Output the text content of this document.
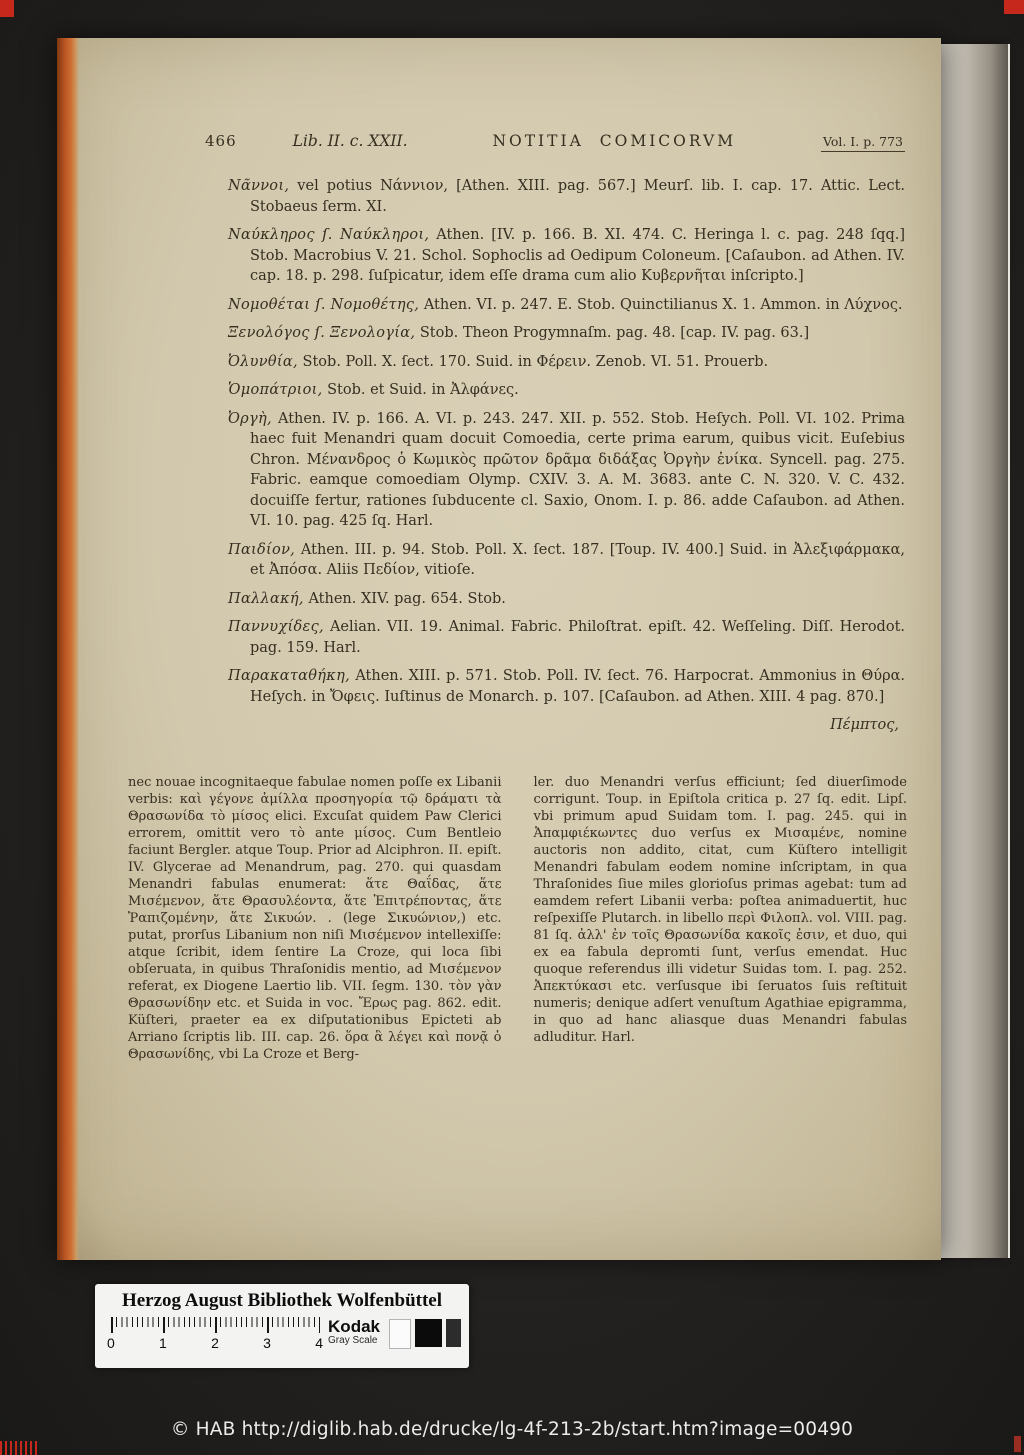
466	Lib. II. c. XXII.	NOTITIA COMICORVM	Vol. I. p. 773

Νᾶννοι, vel potius Νάννιον, [Athen. XIII. pag. 567.] Meurſ. lib. I. cap. 17. Attic. Lect. Stobaeus ſerm. XI.

Ναύκληρος ſ. Ναύκληροι, Athen. [IV. p. 166. B. XI. 474. C. Heringa l. c. pag. 248 ſqq.] Stob. Macrobius V. 21. Schol. Sophoclis ad Oedipum Coloneum. [Caſaubon. ad Athen. IV. cap. 18. p. 298. ſuſpicatur, idem eſſe drama cum alio Κυβερνῆται inſcripto.]

Νομοθέται ſ. Νομοθέτης, Athen. VI. p. 247. E. Stob. Quinctilianus X. 1. Ammon. in Λύχνος.

Ξενολόγος ſ. Ξενολογία, Stob. Theon Progymnaſm. pag. 48. [cap. IV. pag. 63.]

Ὀλυνθία, Stob. Poll. X. ſect. 170. Suid. in Φέρειν. Zenob. VI. 51. Prouerb.

Ὁμοπάτριοι, Stob. et Suid. in Ἀλφάνες.

Ὀργὴ, Athen. IV. p. 166. A. VI. p. 243. 247. XII. p. 552. Stob. Heſych. Poll. VI. 102. Prima haec fuit Menandri quam docuit Comoedia, certe prima earum, quibus vicit. Euſebius Chron. Μένανδρος ὁ Κωμικὸς πρῶτον δρᾶμα διδάξας Ὀργὴν ἐνίκα. Syncell. pag. 275. Fabric. eamque comoediam Olymp. CXIV. 3. A. M. 3683. ante C. N. 320. V. C. 432. docuiſſe fertur, rationes ſubducente cl. Saxio, Onom. I. p. 86. adde Caſaubon. ad Athen. VI. 10. pag. 425 ſq. Harl.

Παιδίον, Athen. III. p. 94. Stob. Poll. X. ſect. 187. [Toup. IV. 400.] Suid. in Ἀλεξιφάρμακα, et Ἀπόσα. Aliis Πεδίον, vitioſe.

Παλλακή, Athen. XIV. pag. 654. Stob.

Παννυχίδες, Aelian. VII. 19. Animal. Fabric. Philoſtrat. epiſt. 42. Weſſeling. Diſſ. Herodot. pag. 159. Harl.

Παρακαταθήκη, Athen. XIII. p. 571. Stob. Poll. IV. ſect. 76. Harpocrat. Ammonius in Θύρα. Heſych. in Ὄφεις. Iuſtinus de Monarch. p. 107. [Caſaubon. ad Athen. XIII. 4 pag. 870.]

Πέμπτος,
nec nouae incognitaeque fabulae nomen poſſe ex Libanii verbis: καὶ γέγονε ἀμίλλα προσηγορία τῷ δράματι τὰ Θρασωνίδα τὸ μίσος elici. Excuſat quidem Paw Clerici errorem, omittit vero τὸ ante μίσος. Cum Bentleio faciunt Bergler. atque Toup. Prior ad Alciphron. II. epiſt. IV. Glycerae ad Menandrum, pag. 270. qui quasdam Menandri fabulas enumerat: ἅτε Θαΐδας, ἅτε Μισέμενον, ἅτε Θρασυλέοντα, ἅτε Ἐπιτρέποντας, ἅτε Ῥαπιζομένην, ἅτε Σικυών. . (lege Σικυώνιον,) etc. putat, prorſus Libanium non niſi Μισέμενον intellexiſſe: atque ſcribit, idem ſentire La Croze, qui loca ſibi obſeruata, in quibus Thraſonidis mentio, ad Μισέμενον referat, ex Diogene Laertio lib. VII. ſegm. 130. τὸν γὰν Θρασωνίδην etc. et Suida in voc. Ἔρως pag. 862. edit. Küſteri, praeter ea ex diſputationibus Epicteti ab Arriano ſcriptis lib. III. cap. 26. ὅρα ἃ λέγει καὶ πονᾷ ὁ Θρασωνίδης, vbi La Croze et Berg-
ler. duo Menandri verſus efficiunt; ſed diuerſimode corrigunt. Toup. in Epiſtola critica p. 27 ſq. edit. Lipſ. vbi primum apud Suidam tom. I. pag. 245. qui in Ἀπαμφιέκωντες duo verſus ex Μισαμένε, nomine auctoris non addito, citat, cum Küſtero intelligit Menandri fabulam eodem nomine inſcriptam, in qua Thraſonides ſiue miles glorioſus primas agebat: tum ad eamdem refert Libanii verba: poſtea animaduertit, huc reſpexiſſe Plutarch. in libello περὶ Φιλοπλ. vol. VIII. pag. 81 ſq. ἀλλ' ἐν τοῖς Θρασωνίδα κακοῖς ἐσιν, et duo, qui ex ea fabula depromti ſunt, verſus emendat. Huc quoque referendus illi videtur Suidas tom. I. pag. 252. Ἀπεκτύκασι etc. verſusque ibi ſeruatos ſuis reſtituit numeris; denique adſert venuſtum Agathiae epigramma, in quo ad hanc aliasque duas Menandri fabulas adluditur. Harl.
Herzog August Bibliothek Wolfenbüttel
0	1	2	3	4
Kodak
Gray Scale
© HAB http://diglib.hab.de/drucke/lg-4f-213-2b/start.htm?image=00490
